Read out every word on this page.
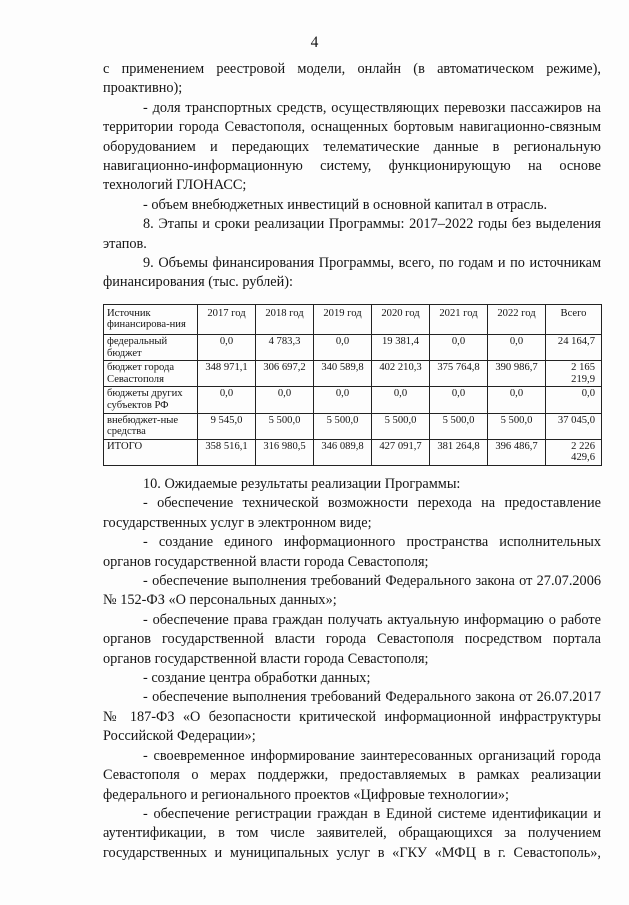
4

с применением реестровой модели, онлайн (в автоматическом режиме), проактивно);

- доля транспортных средств, осуществляющих перевозки пассажиров на территории города Севастополя, оснащенных бортовым навигационно-связным оборудованием и передающих телематические данные в региональную навигационно-информационную систему, функционирующую на основе технологий ГЛОНАСС;

- объем внебюджетных инвестиций в основной капитал в отрасль.

8. Этапы и сроки реализации Программы: 2017–2022 годы без выделения этапов.

9. Объемы финансирования Программы, всего, по годам и по источникам финансирования (тыс. рублей):

Источник финансирова-ния	2017 год	2018 год	2019 год	2020 год	2021 год	2022 год	Всего
федеральный бюджет	0,0	4 783,3	0,0	19 381,4	0,0	0,0	24 164,7
бюджет города Севастополя	348 971,1	306 697,2	340 589,8	402 210,3	375 764,8	390 986,7	2 165 219,9
бюджеты других субъектов РФ	0,0	0,0	0,0	0,0	0,0	0,0	0,0
внебюджет-ные средства	9 545,0	5 500,0	5 500,0	5 500,0	5 500,0	5 500,0	37 045,0
ИТОГО	358 516,1	316 980,5	346 089,8	427 091,7	381 264,8	396 486,7	2 226 429,6

10. Ожидаемые результаты реализации Программы:

- обеспечение технической возможности перехода на предоставление государственных услуг в электронном виде;

- создание единого информационного пространства исполнительных органов государственной власти города Севастополя;

- обеспечение выполнения требований Федерального закона от 27.07.2006 № 152-ФЗ «О персональных данных»;

- обеспечение права граждан получать актуальную информацию о работе органов государственной власти города Севастополя посредством портала органов государственной власти города Севастополя;

- создание центра обработки данных;

- обеспечение выполнения требований Федерального закона от 26.07.2017 № 187-ФЗ «О безопасности критической информационной инфраструктуры Российской Федерации»;

- своевременное информирование заинтересованных организаций города Севастополя о мерах поддержки, предоставляемых в рамках реализации федерального и регионального проектов «Цифровые технологии»;

- обеспечение регистрации граждан в Единой системе идентификации и аутентификации, в том числе заявителей, обращающихся за получением государственных и муниципальных услуг в «ГКУ «МФЦ в г. Севастополь»,
